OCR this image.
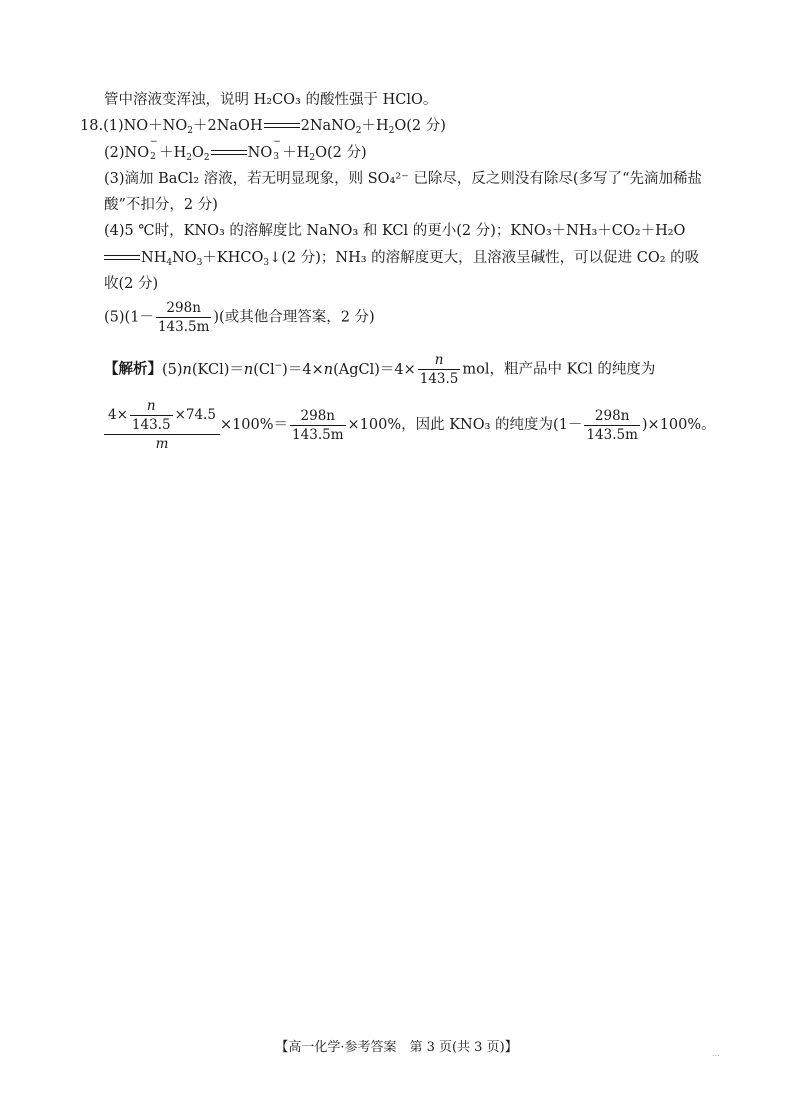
管中溶液变浑浊，说明 H₂CO₃ 的酸性强于 HClO。
$18.(1)NO+NO_2+2NaOH$	$2NaNO_2+H_2O(2$ 分)
(2)NO
−
$2 +H_2O_2$	NO
−
$3 +H_2O(2$ 分)
(3)滴加 BaCl₂ 溶液，若无明显现象，则 SO₄²⁻ 已除尽，反之则没有除尽(多写了“先滴加稀盐
酸”不扣分，2 分)
(4)5 ℃时，KNO₃ 的溶解度比 NaNO₃ 和 KCl 的更小(2 分)；KNO₃＋NH₃＋CO₂＋H₂O
$NH_4NO_3+KHCO_3↓(2$ 分)；NH₃ 的溶解度更大，且溶液呈碱性，可以促进 CO₂ 的吸
收(2 分)
$(5)(1- \frac{298n}{143.5m}$ )(或其他合理答案，2 分)
【解析】(5)n(KCl)＝n(Cl−)＝4×n(AgCl)＝4× $\frac{n}{143.5}$ mol，粗产品中 KCl 的纯度为
$\frac{4\times \frac{n}{143.5} \times 74.5}{m} \times 100\%= \frac{298n}{143.5m} \times 100\%$，因此 KNO₃ 的纯度为$(1- \frac{298n}{143.5m} )\times 100\%$。
【高一化学·参考答案　第 3 页(共 3 页)】	...
